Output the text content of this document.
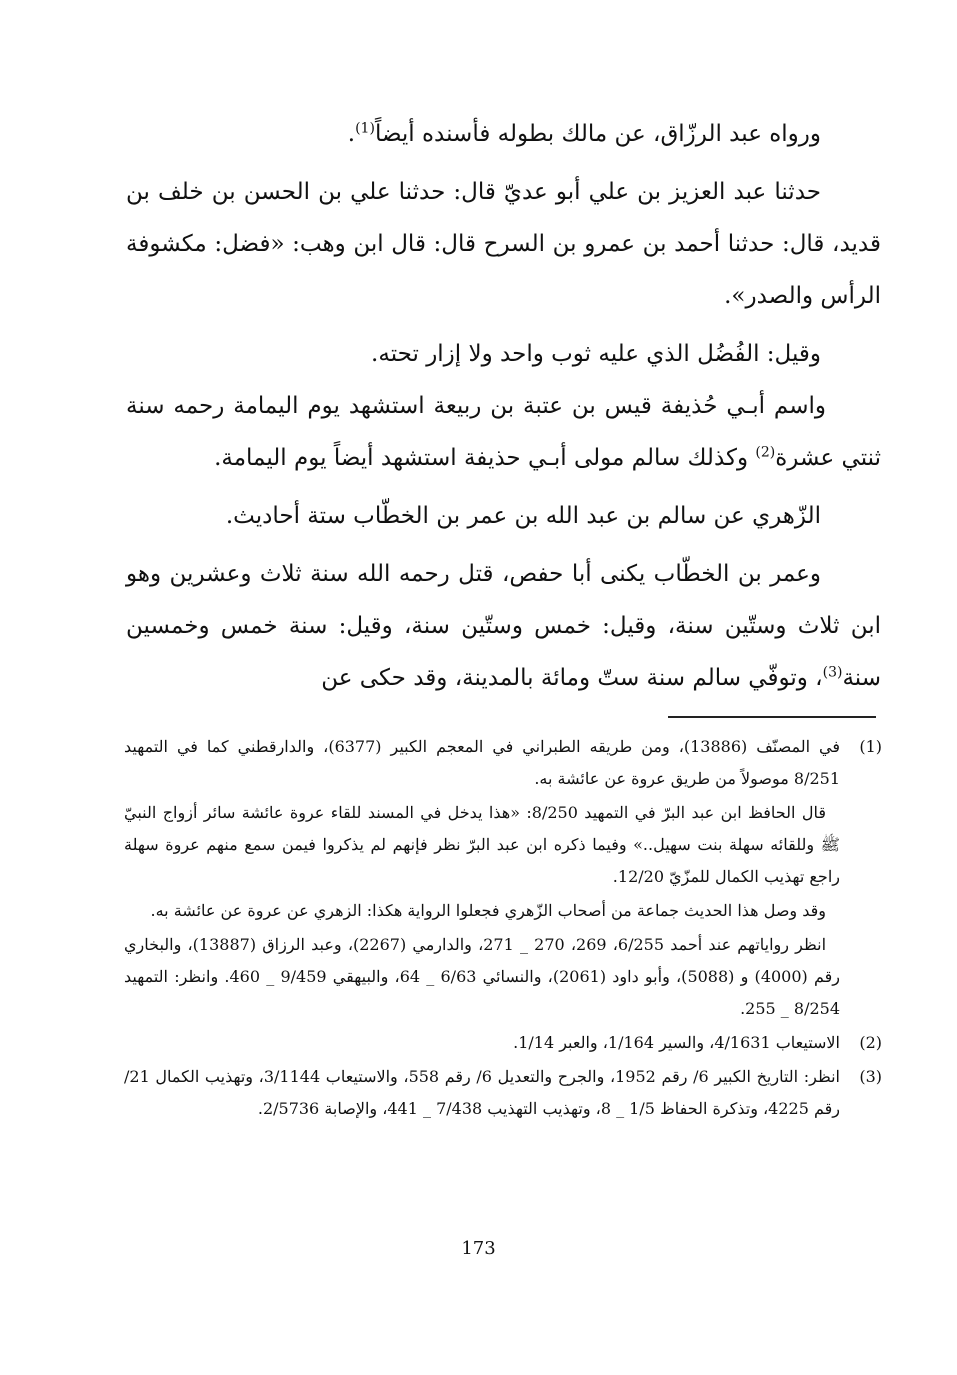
ورواه عبد الرزّاق، عن مالك بطوله فأسنده أيضاً$^{(1)}$.

حدثنا عبد العزيز بن علي أبو عديّ قال: حدثنا علي بن الحسن بن خلف بن قديد، قال: حدثنا أحمد بن عمرو بن السرح قال: قال ابن وهب: «فضل: مكشوفة الرأس والصدر».

وقيل: الفُضُل الذي عليه ثوب واحد ولا إزار تحته.

واسم أبـي حُذيفة قيس بن عتبة بن ربيعة استشهد يوم اليمامة رحمه سنة ثنتي عشرة$^{(2)}$ وكذلك سالم مولى أبـي حذيفة استشهد أيضاً يوم اليمامة.

الزّهري عن سالم بن عبد الله بن عمر بن الخطّاب ستة أحاديث.

وعمر بن الخطّاب يكنى أبا حفص، قتل رحمه الله سنة ثلاث وعشرين وهو ابن ثلاث وستّين سنة، وقيل: خمس وستّين سنة، وقيل: سنة خمس وخمسين سنة$^{(3)}$، وتوفّي سالم سنة ستّ ومائة بالمدينة، وقد حكى عن

(1)

في المصنّف (13886)، ومن طريقه الطبراني في المعجم الكبير (6377)، والدارقطني كما في التمهيد 8/251 موصولاً من طريق عروة عن عائشة به.

قال الحافظ ابن عبد البرّ في التمهيد 8/250: «هذا يدخل في المسند للقاء عروة عائشة سائر أزواج النبيّ ﷺ وللقائه سهلة بنت سهيل..» وفيما ذكره ابن عبد البرّ نظر فإنهم لم يذكروا فيمن سمع منهم عروة سهلة راجع تهذيب الكمال للمزّيّ 12/20.

وقد وصل هذا الحديث جماعة من أصحاب الزّهري فجعلوا الرواية هكذا: الزهري عن عروة عن عائشة به.

انظر رواياتهم عند أحمد 6/255، 269، 270 _ 271، والدارمي (2267)، وعبد الرزاق (13887)، والبخاري رقم (4000) و (5088)، وأبو داود (2061)، والنسائي 6/63 _ 64، والبيهقي 9/459 _ 460. وانظر: التمهيد 8/254 _ 255.

(2)

الاستيعاب 4/1631، والسير 1/164، والعبر 1/14.

(3)

انظر: التاريخ الكبير 6/ رقم 1952، والجرح والتعديل 6/ رقم 558، والاستيعاب 3/1144، وتهذيب الكمال 21/ رقم 4225، وتذكرة الحفاظ 1/5 _ 8، وتهذيب التهذيب 7/438 _ 441، والإصابة 2/5736.

173
